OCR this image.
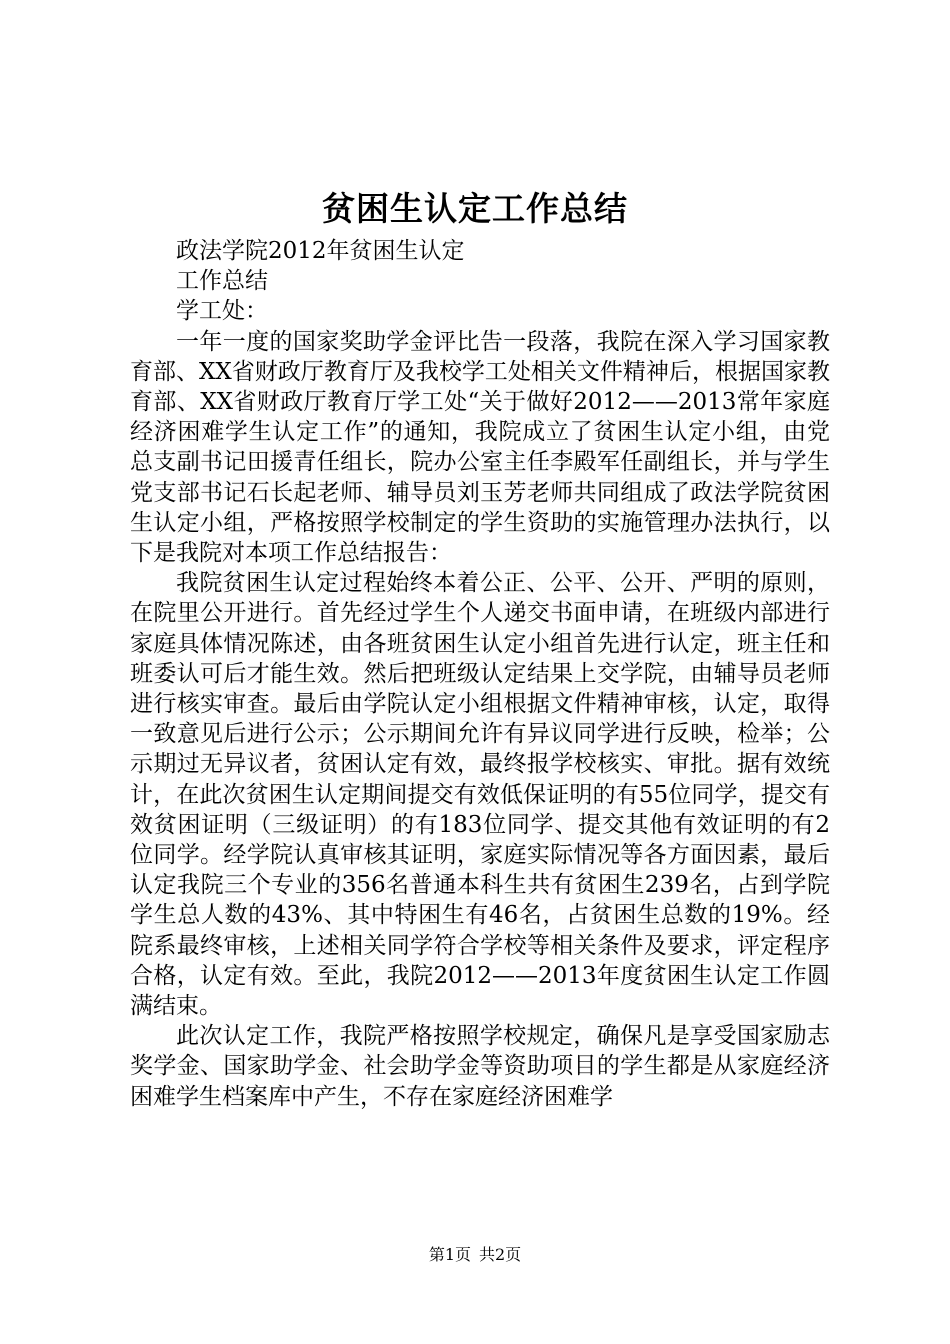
贫困生认定工作总结

政法学院2012年贫困生认定

工作总结

学工处：

一年一度的国家奖助学金评比告一段落，我院在深入学习国家教育部、XX省财政厅教育厅及我校学工处相关文件精神后，根据国家教育部、XX省财政厅教育厅学工处“关于做好2012——2013常年家庭经济困难学生认定工作”的通知，我院成立了贫困生认定小组，由党总支副书记田援青任组长，院办公室主任李殿军任副组长，并与学生党支部书记石长起老师、辅导员刘玉芳老师共同组成了政法学院贫困生认定小组，严格按照学校制定的学生资助的实施管理办法执行，以下是我院对本项工作总结报告：

我院贫困生认定过程始终本着公正、公平、公开、严明的原则，在院里公开进行。首先经过学生个人递交书面申请，在班级内部进行家庭具体情况陈述，由各班贫困生认定小组首先进行认定，班主任和班委认可后才能生效。然后把班级认定结果上交学院，由辅导员老师进行核实审查。最后由学院认定小组根据文件精神审核，认定，取得一致意见后进行公示；公示期间允许有异议同学进行反映，检举；公示期过无异议者，贫困认定有效，最终报学校核实、审批。据有效统计，在此次贫困生认定期间提交有效低保证明的有55位同学，提交有效贫困证明（三级证明）的有183位同学、提交其他有效证明的有2位同学。经学院认真审核其证明，家庭实际情况等各方面因素，最后认定我院三个专业的356名普通本科生共有贫困生239名，占到学院学生总人数的43%、其中特困生有46名，占贫困生总数的19%。经院系最终审核，上述相关同学符合学校等相关条件及要求，评定程序合格，认定有效。至此，我院2012——2013年度贫困生认定工作圆满结束。

此次认定工作，我院严格按照学校规定，确保凡是享受国家励志奖学金、国家助学金、社会助学金等资助项目的学生都是从家庭经济困难学生档案库中产生，不存在家庭经济困难学

第1页 共2页
